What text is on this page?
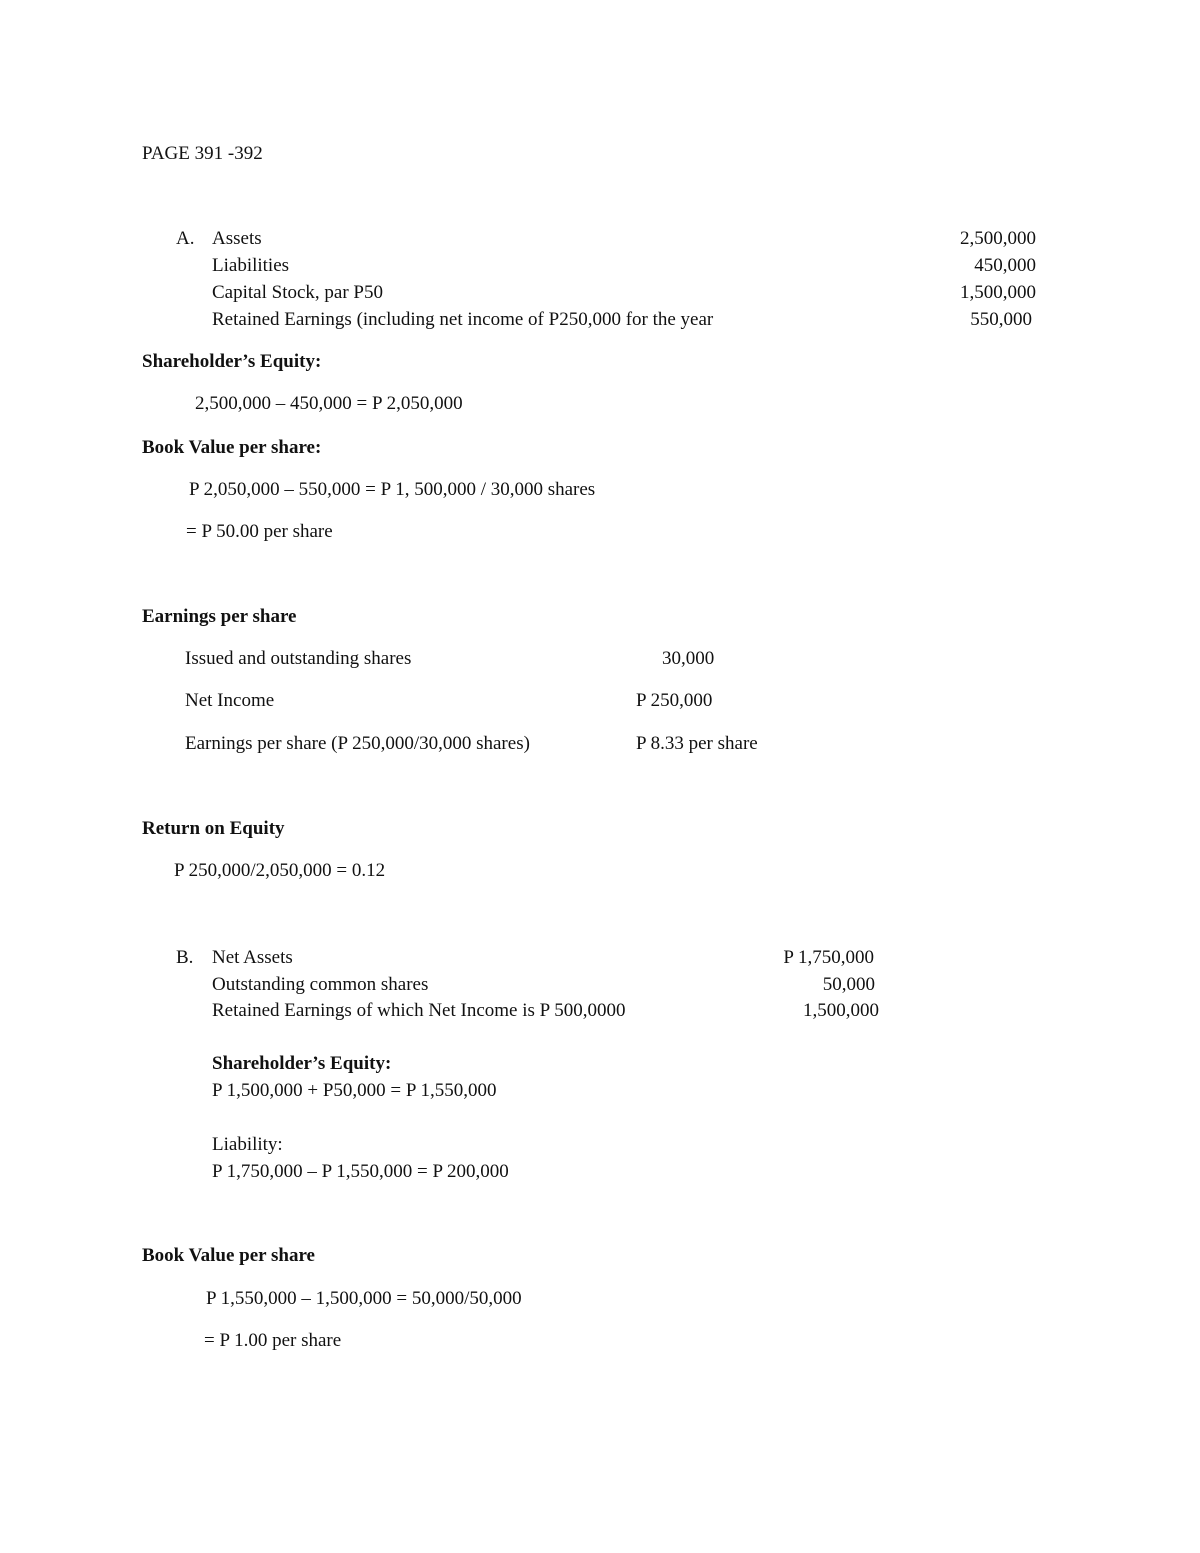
PAGE 391 -392
A. Assets	2,500,000
Liabilities	450,000
Capital Stock, par P50	1,500,000
Retained Earnings (including net income of P250,000 for the year	550,000
Shareholder’s Equity:
2,500,000 – 450,000 = P 2,050,000
Book Value per share:
P 2,050,000 – 550,000 = P 1, 500,000 / 30,000 shares
= P 50.00 per share
Earnings per share
Issued and outstanding shares	30,000
Net Income	P 250,000
Earnings per share (P 250,000/30,000 shares)	P 8.33 per share
Return on Equity
P 250,000/2,050,000 = 0.12
B. Net Assets	P 1,750,000
Outstanding common shares	50,000
Retained Earnings of which Net Income is P 500,0000	1,500,000
Shareholder’s Equity:
P 1,500,000 + P50,000 = P 1,550,000
Liability:
P 1,750,000 – P 1,550,000 = P 200,000
Book Value per share
P 1,550,000 – 1,500,000 = 50,000/50,000
= P 1.00 per share
